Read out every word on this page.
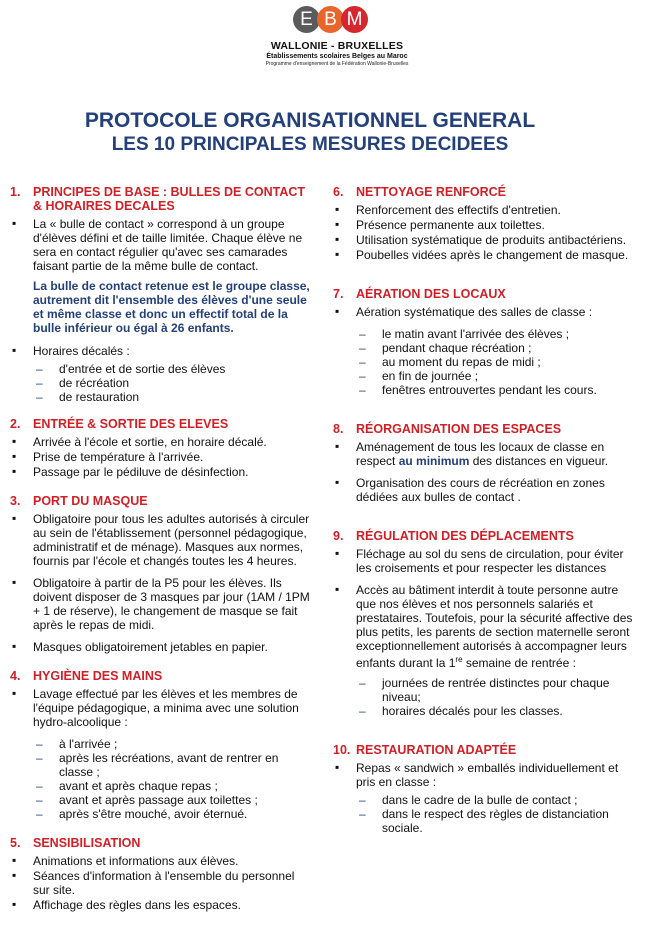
E B M
WALLONIE - BRUXELLES
Établissements scolaires Belges au Maroc
Programme d'enseignement de la Fédération Wallonie-Bruxelles
PROTOCOLE ORGANISATIONNEL GENERAL
LES 10 PRINCIPALES MESURES DECIDEES
1.	PRINCIPES DE BASE : BULLES DE CONTACT & HORAIRES DECALES
▪ La « bulle de contact » correspond à un groupe d'élèves défini et de taille limitée. Chaque élève ne sera en contact régulier qu'avec ses camarades faisant partie de la même bulle de contact.
La bulle de contact retenue est le groupe classe, autrement dit l'ensemble des élèves d'une seule et même classe et donc un effectif total de la bulle inférieur ou égal à 26 enfants.
▪ Horaires décalés :
– d'entrée et de sortie des élèves
– de récréation
– de restauration
2.	ENTRÉE & SORTIE DES ELEVES
▪ Arrivée à l'école et sortie, en horaire décalé.
▪ Prise de température à l'arrivée.
▪ Passage par le pédiluve de désinfection.
3.	PORT DU MASQUE
▪ Obligatoire pour tous les adultes autorisés à circuler au sein de l'établissement (personnel pédagogique, administratif et de ménage). Masques aux normes, fournis par l'école et changés toutes les 4 heures.
▪ Obligatoire à partir de la P5 pour les élèves. Ils doivent disposer de 3 masques par jour (1AM / 1PM + 1 de réserve), le changement de masque se fait après le repas de midi.
▪ Masques obligatoirement jetables en papier.
4.	HYGIÈNE DES MAINS
▪ Lavage effectué par les élèves et les membres de l'équipe pédagogique, a minima avec une solution hydro-alcoolique :
– à l'arrivée ;
– après les récréations, avant de rentrer en classe ;
– avant et après chaque repas ;
– avant et après passage aux toilettes ;
– après s'être mouché, avoir éternué.
5.	SENSIBILISATION
▪ Animations et informations aux élèves.
▪ Séances d'information à l'ensemble du personnel sur site.
▪ Affichage des règles dans les espaces.
6.	NETTOYAGE RENFORCÉ
▪ Renforcement des effectifs d'entretien.
▪ Présence permanente aux toilettes.
▪ Utilisation systématique de produits antibactériens.
▪ Poubelles vidées après le changement de masque.
7.	AÉRATION DES LOCAUX
▪ Aération systématique des salles de classe :
– le matin avant l'arrivée des élèves ;
– pendant chaque récréation ;
– au moment du repas de midi ;
– en fin de journée ;
– fenêtres entrouvertes pendant les cours.
8.	RÉORGANISATION DES ESPACES
▪ Aménagement de tous les locaux de classe en respect au minimum des distances en vigueur.
▪ Organisation des cours de récréation en zones dédiées aux bulles de contact .
9.	RÉGULATION DES DÉPLACEMENTS
▪ Fléchage au sol du sens de circulation, pour éviter les croisements et pour respecter les distances
▪ Accès au bâtiment interdit à toute personne autre que nos élèves et nos personnels salariés et prestataires. Toutefois, pour la sécurité affective des plus petits, les parents de section maternelle seront exceptionnellement autorisés à accompagner leurs enfants durant la 1re semaine de rentrée :
– journées de rentrée distinctes pour chaque niveau;
– horaires décalés pour les classes.
10. RESTAURATION ADAPTÉE
▪ Repas « sandwich » emballés individuellement et pris en classe :
– dans le cadre de la bulle de contact ;
– dans le respect des règles de distanciation sociale.
